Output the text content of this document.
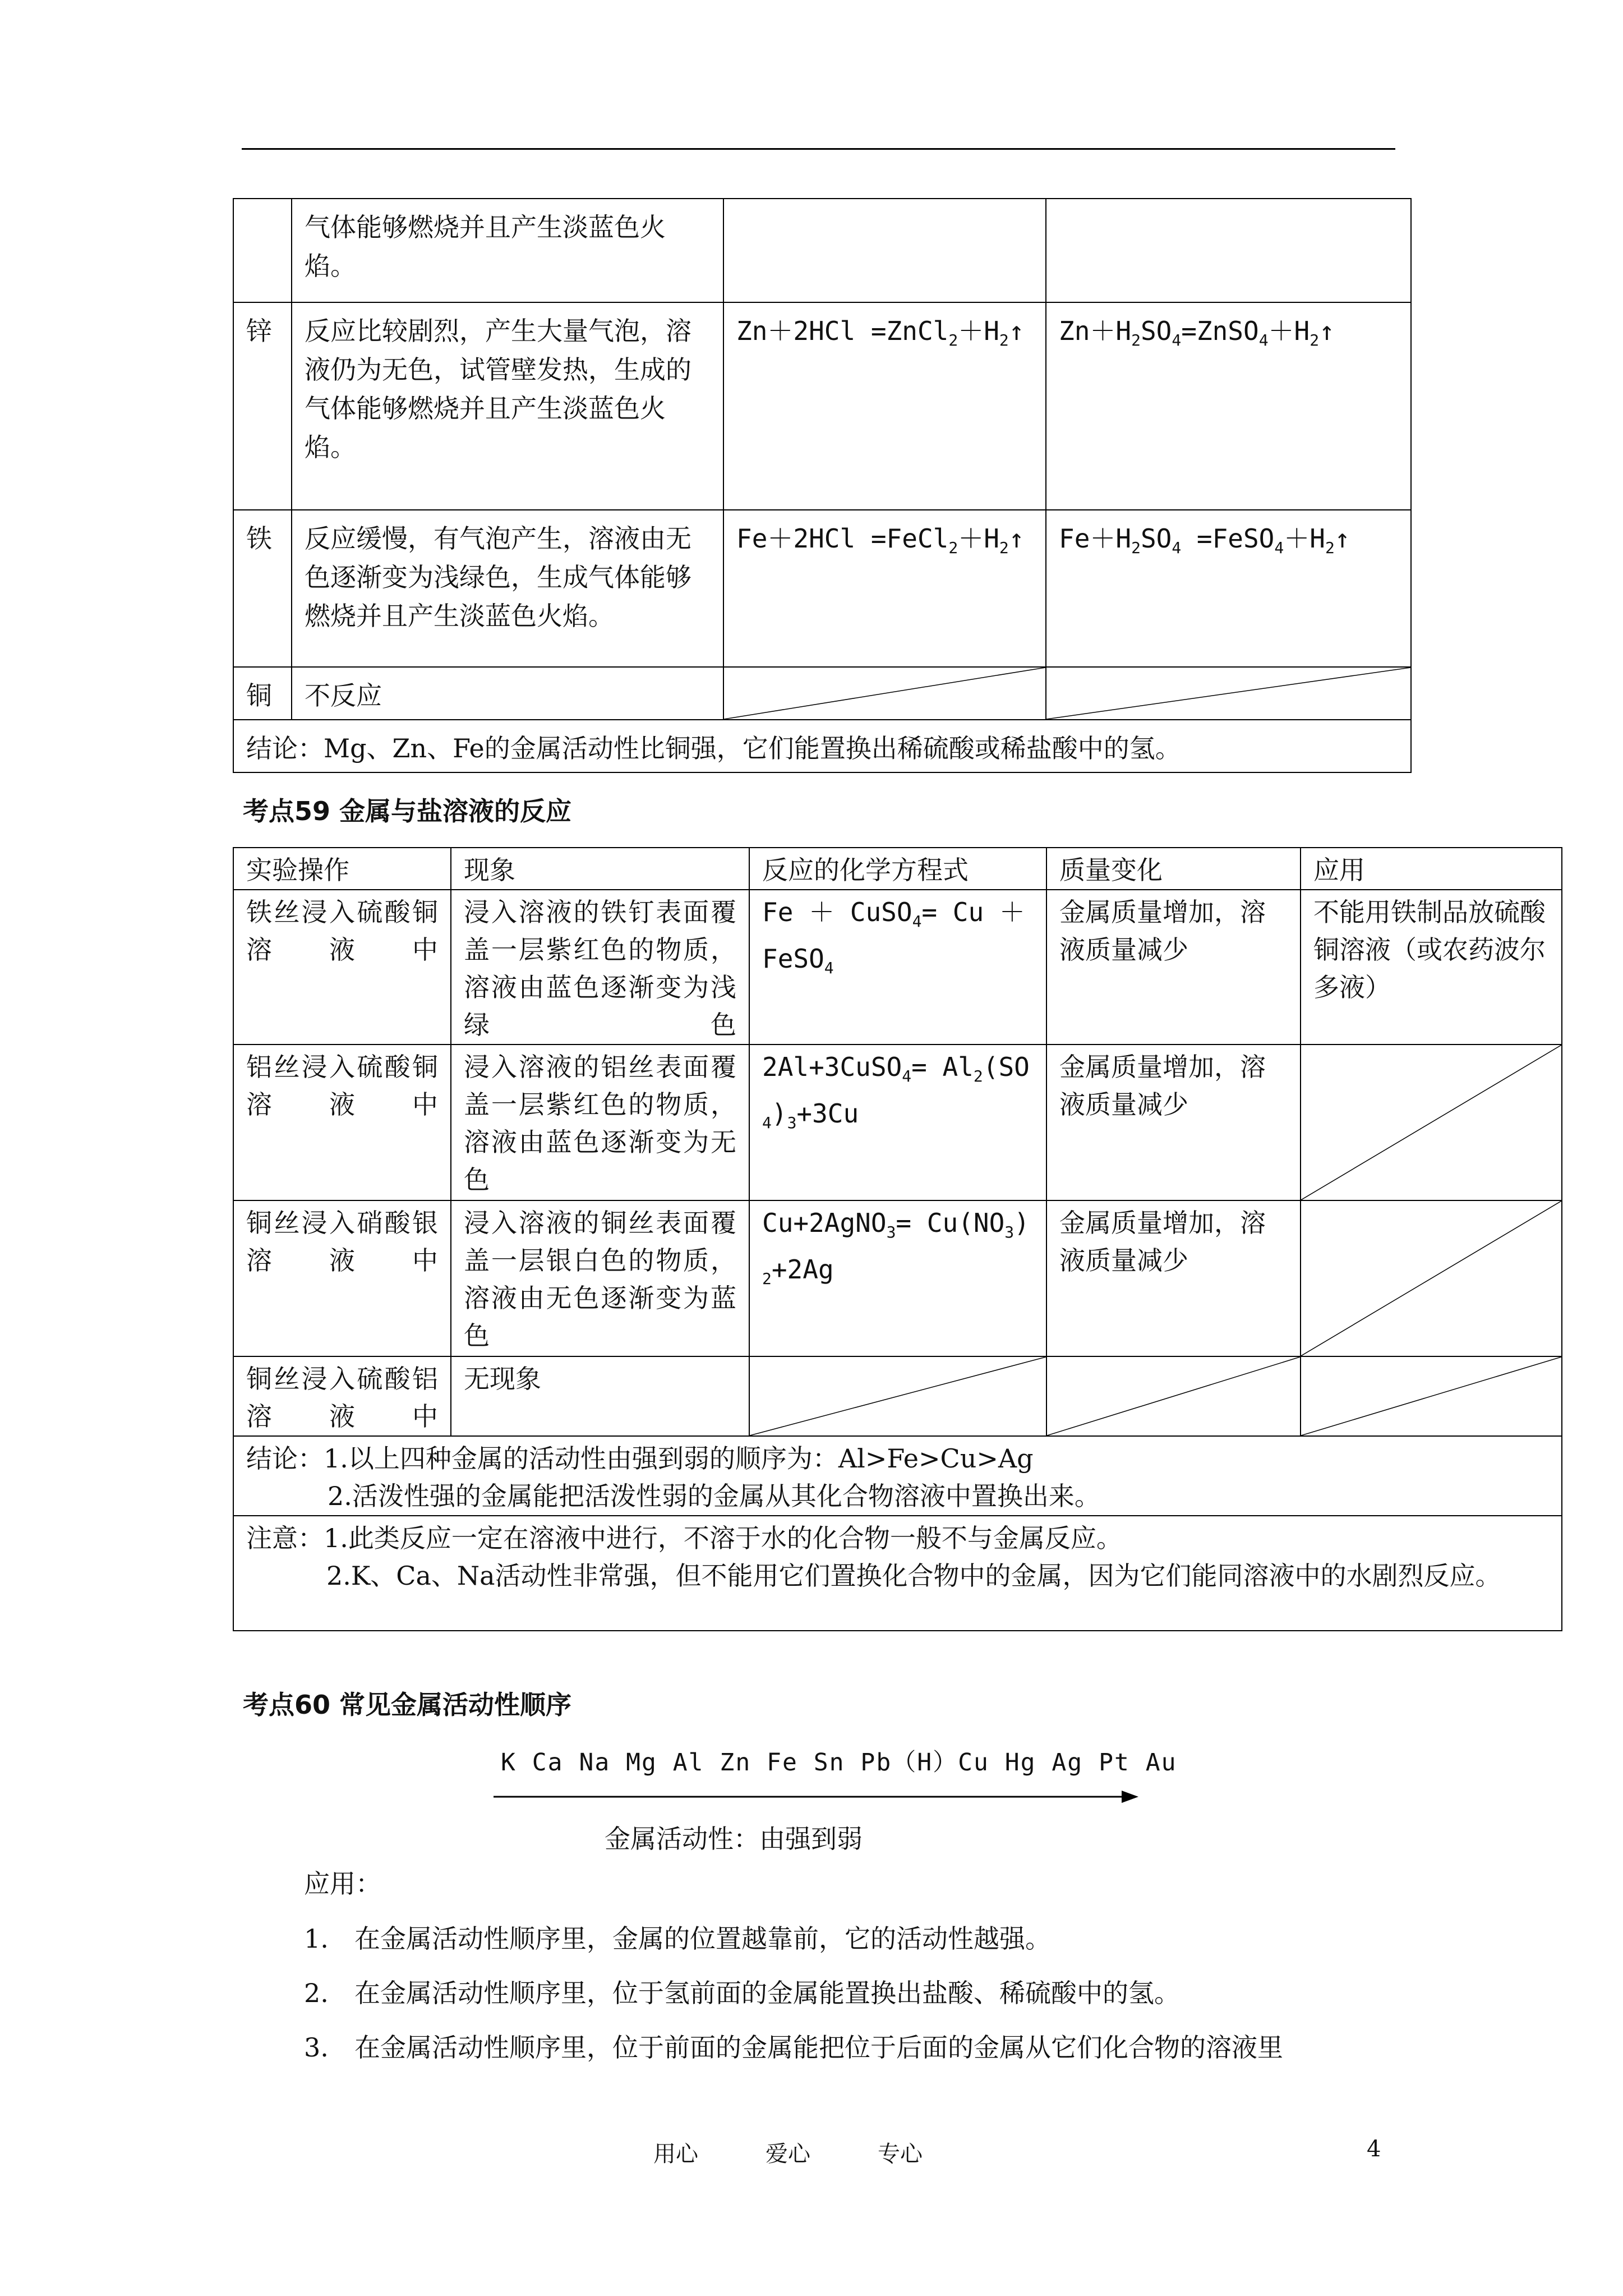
	气体能够燃烧并且产生淡蓝色火焰。		
锌	反应比较剧烈，产生大量气泡，溶液仍为无色，试管壁发热，生成的气体能够燃烧并且产生淡蓝色火焰。	$Zn+2HCl =ZnCl_2+H_2↑$	$Zn+H_2SO_4=ZnSO_4+H_2↑$
铁	反应缓慢，有气泡产生，溶液由无色逐渐变为浅绿色，生成气体能够燃烧并且产生淡蓝色火焰。	$Fe+2HCl =FeCl_2+H_2↑$	$Fe+H_2SO_4$ $=FeSO_4+H_2↑$
铜	不反应	

结论：Mg、Zn、Fe的金属活动性比铜强，它们能置换出稀硫酸或稀盐酸中的氢。			
考点59 金属与盐溶液的反应
实验操作	现象	反应的化学方程式	质量变化	应用
铁丝浸入硫酸铜溶液中	浸入溶液的铁钉表面覆盖一层紫红色的物质，溶液由蓝色逐渐变为浅绿色	Fe ＋ CuSO$_4$= Cu ＋ FeSO$_4$	金属质量增加，溶液质量减少	不能用铁制品放硫酸铜溶液（或农药波尔多液）
铝丝浸入硫酸铜溶液中	浸入溶液的铝丝表面覆盖一层紫红色的物质，溶液由蓝色逐渐变为无色	2Al+3CuSO$_4$= $Al_2(SO_4)_3+3Cu$	金属质量增加，溶液质量减少	

铜丝浸入硝酸银溶液中	浸入溶液的铜丝表面覆盖一层银白色的物质，溶液由无色逐渐变为蓝色	Cu+2AgNO$_3$= $Cu(NO_3)_2+2Ag$	金属质量增加，溶液质量减少	

铜丝浸入硫酸铝溶液中	无现象	

结论：1.以上四种金属的活动性由强到弱的顺序为：Al>Fe>Cu>Ag
2.活泼性强的金属能把活泼性弱的金属从其化合物溶液中置换出来。				

注意：1.此类反应一定在溶液中进行，不溶于水的化合物一般不与金属反应。
2.K、Ca、Na活动性非常强，但不能用它们置换化合物中的金属，因为它们能同溶液中的水剧烈反应。				
考点60 常见金属活动性顺序
K Ca Na Mg Al Zn Fe Sn Pb（H）Cu Hg Ag Pt Au
金属活动性：由强到弱
应用：
1. 在金属活动性顺序里，金属的位置越靠前，它的活动性越强。
2. 在金属活动性顺序里，位于氢前面的金属能置换出盐酸、稀硫酸中的氢。
3. 在金属活动性顺序里，位于前面的金属能把位于后面的金属从它们化合物的溶液里
用心	爱心	专心	4
